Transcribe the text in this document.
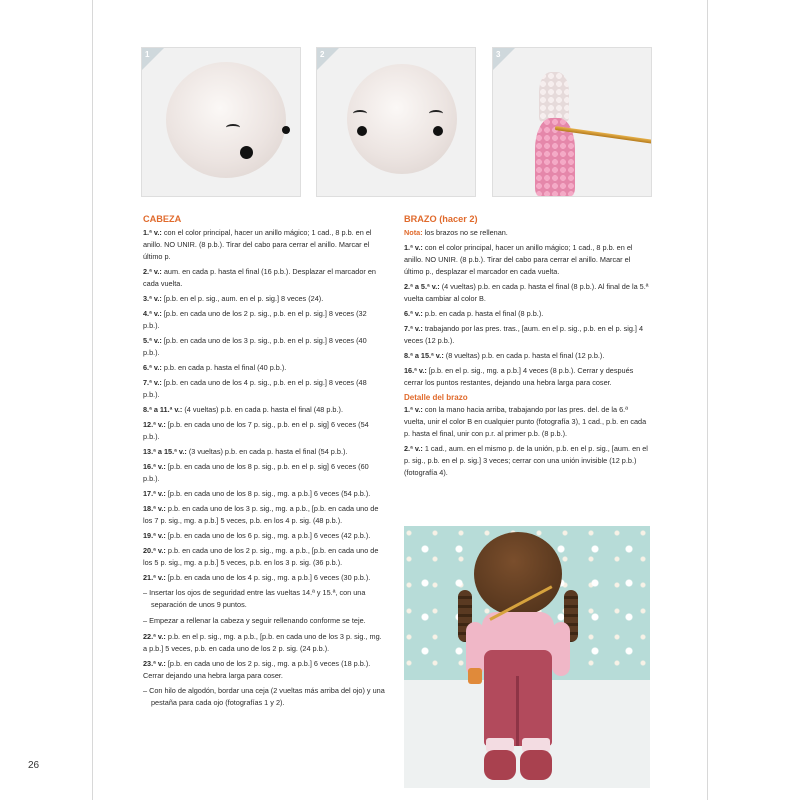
1	2	3
CABEZA
1.ª v.: con el color principal, hacer un anillo mágico; 1 cad., 8 p.b. en el anillo. NO UNIR. (8 p.b.). Tirar del cabo para cerrar el anillo. Marcar el último p.
2.ª v.: aum. en cada p. hasta el final (16 p.b.). Desplazar el marcador en cada vuelta.
3.ª v.: [p.b. en el p. sig., aum. en el p. sig.] 8 veces (24).
4.ª v.: [p.b. en cada uno de los 2 p. sig., p.b. en el p. sig.] 8 veces (32 p.b.).
5.ª v.: [p.b. en cada uno de los 3 p. sig., p.b. en el p. sig.] 8 veces (40 p.b.).
6.ª v.: p.b. en cada p. hasta el final (40 p.b.).
7.ª v.: [p.b. en cada uno de los 4 p. sig., p.b. en el p. sig.] 8 veces (48 p.b.).
8.ª a 11.ª v.: (4 vueltas) p.b. en cada p. hasta el final (48 p.b.).
12.ª v.: [p.b. en cada uno de los 7 p. sig., p.b. en el p. sig] 6 veces (54 p.b.).
13.ª a 15.ª v.: (3 vueltas) p.b. en cada p. hasta el final (54 p.b.).
16.ª v.: [p.b. en cada uno de los 8 p. sig., p.b. en el p. sig] 6 veces (60 p.b.).
17.ª v.: [p.b. en cada uno de los 8 p. sig., mg. a p.b.] 6 veces (54 p.b.).
18.ª v.: p.b. en cada uno de los 3 p. sig., mg. a p.b., [p.b. en cada uno de los 7 p. sig., mg. a p.b.] 5 veces, p.b. en los 4 p. sig. (48 p.b.).
19.ª v.: [p.b. en cada uno de los 6 p. sig., mg. a p.b.] 6 veces (42 p.b.).
20.ª v.: p.b. en cada uno de los 2 p. sig., mg. a p.b., [p.b. en cada uno de los 5 p. sig., mg. a p.b.] 5 veces, p.b. en los 3 p. sig. (36 p.b.).
21.ª v.: [p.b. en cada uno de los 4 p. sig., mg. a p.b.] 6 veces (30 p.b.).
– Insertar los ojos de seguridad entre las vueltas 14.ª y 15.ª, con una separación de unos 9 puntos.
– Empezar a rellenar la cabeza y seguir rellenando conforme se teje.
22.ª v.: p.b. en el p. sig., mg. a p.b., [p.b. en cada uno de los 3 p. sig., mg. a p.b.] 5 veces, p.b. en cada uno de los 2 p. sig. (24 p.b.).
23.ª v.: [p.b. en cada uno de los 2 p. sig., mg. a p.b.] 6 veces (18 p.b.). Cerrar dejando una hebra larga para coser.
– Con hilo de algodón, bordar una ceja (2 vueltas más arriba del ojo) y una pestaña para cada ojo (fotografías 1 y 2).
BRAZO (hacer 2)
Nota: los brazos no se rellenan.
1.ª v.: con el color principal, hacer un anillo mágico; 1 cad., 8 p.b. en el anillo. NO UNIR. (8 p.b.). Tirar del cabo para cerrar el anillo. Marcar el último p., desplazar el marcador en cada vuelta.
2.ª a 5.ª v.: (4 vueltas) p.b. en cada p. hasta el final (8 p.b.). Al final de la 5.ª vuelta cambiar al color B.
6.ª v.: p.b. en cada p. hasta el final (8 p.b.).
7.ª v.: trabajando por las pres. tras., [aum. en el p. sig., p.b. en el p. sig.] 4 veces (12 p.b.).
8.ª a 15.ª v.: (8 vueltas) p.b. en cada p. hasta el final (12 p.b.).
16.ª v.: [p.b. en el p. sig., mg. a p.b.] 4 veces (8 p.b.). Cerrar y después cerrar los puntos restantes, dejando una hebra larga para coser.
Detalle del brazo
1.ª v.: con la mano hacia arriba, trabajando por las pres. del. de la 6.ª vuelta, unir el color B en cualquier punto (fotografía 3), 1 cad., p.b. en cada p. hasta el final, unir con p.r. al primer p.b. (8 p.b.).
2.ª v.: 1 cad., aum. en el mismo p. de la unión, p.b. en el p. sig., [aum. en el p. sig., p.b. en el p. sig.] 3 veces; cerrar con una unión invisible (12 p.b.) (fotografía 4).
26
